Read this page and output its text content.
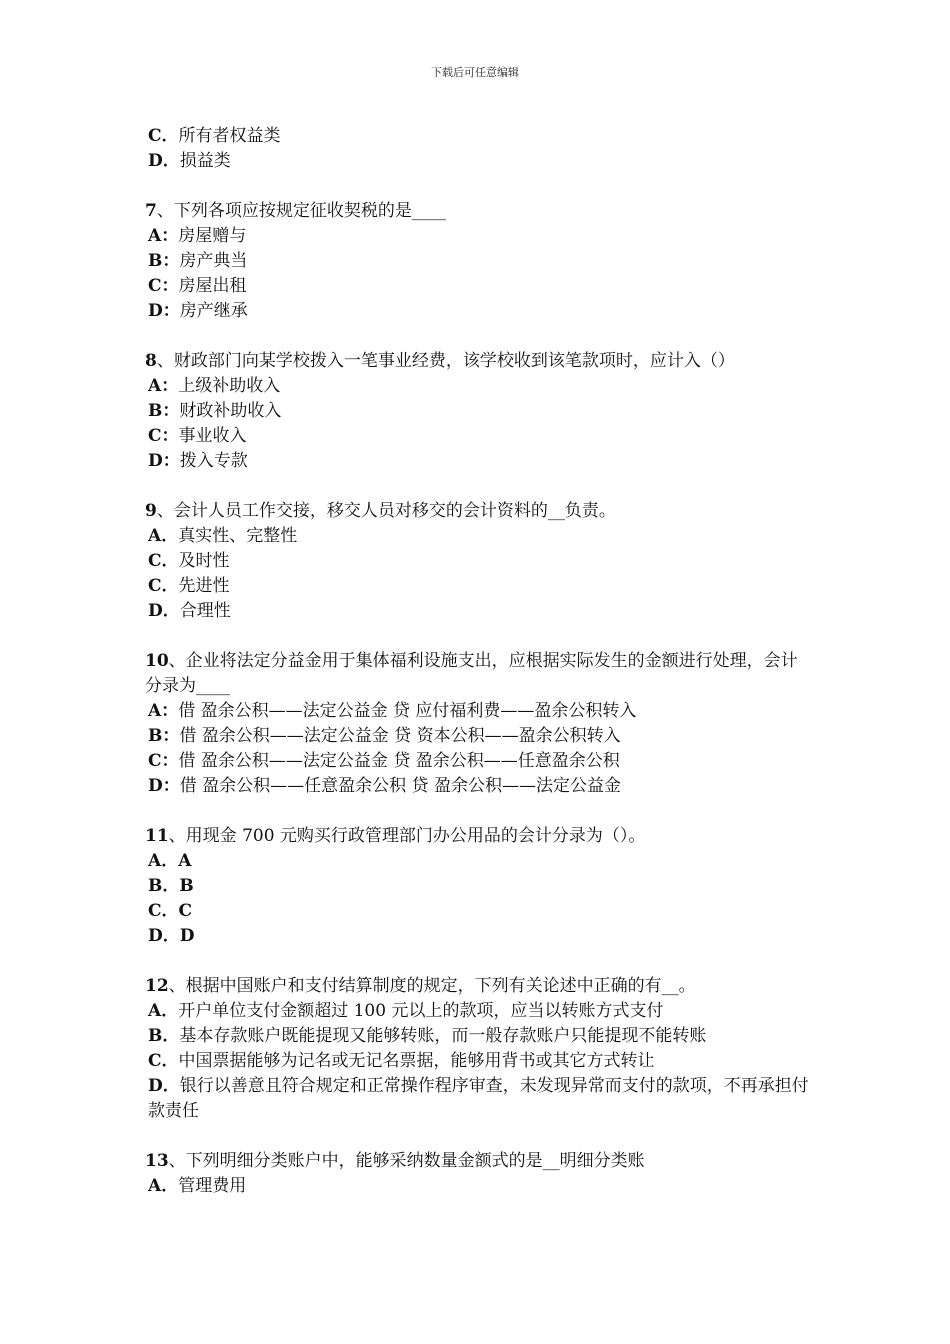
下载后可任意编辑

C．所有者权益类

D．损益类

7、下列各项应按规定征收契税的是____

A：房屋赠与

B：房产典当

C：房屋出租

D：房产继承

8、财政部门向某学校拨入一笔事业经费，该学校收到该笔款项时，应计入（）

A：上级补助收入

B：财政补助收入

C：事业收入

D：拨入专款

9、会计人员工作交接，移交人员对移交的会计资料的__负责。

A．真实性、完整性

C．及时性

C．先进性

D．合理性

10、企业将法定分益金用于集体福利设施支出，应根据实际发生的金额进行处理，会计分录为____

A：借 盈余公积——法定公益金 贷 应付福利费——盈余公积转入

B：借 盈余公积——法定公益金 贷 资本公积——盈余公积转入

C：借 盈余公积——法定公益金 贷 盈余公积——任意盈余公积

D：借 盈余公积——任意盈余公积 贷 盈余公积——法定公益金

11、用现金 700 元购买行政管理部门办公用品的会计分录为（）。

A．A

B．B

C．C

D．D

12、根据中国账户和支付结算制度的规定，下列有关论述中正确的有__。

A．开户单位支付金额超过 100 元以上的款项，应当以转账方式支付

B．基本存款账户既能提现又能够转账，而一般存款账户只能提现不能转账

C．中国票据能够为记名或无记名票据，能够用背书或其它方式转让

D．银行以善意且符合规定和正常操作程序审查，未发现异常而支付的款项，不再承担付款责任

13、下列明细分类账户中，能够采纳数量金额式的是__明细分类账

A．管理费用
